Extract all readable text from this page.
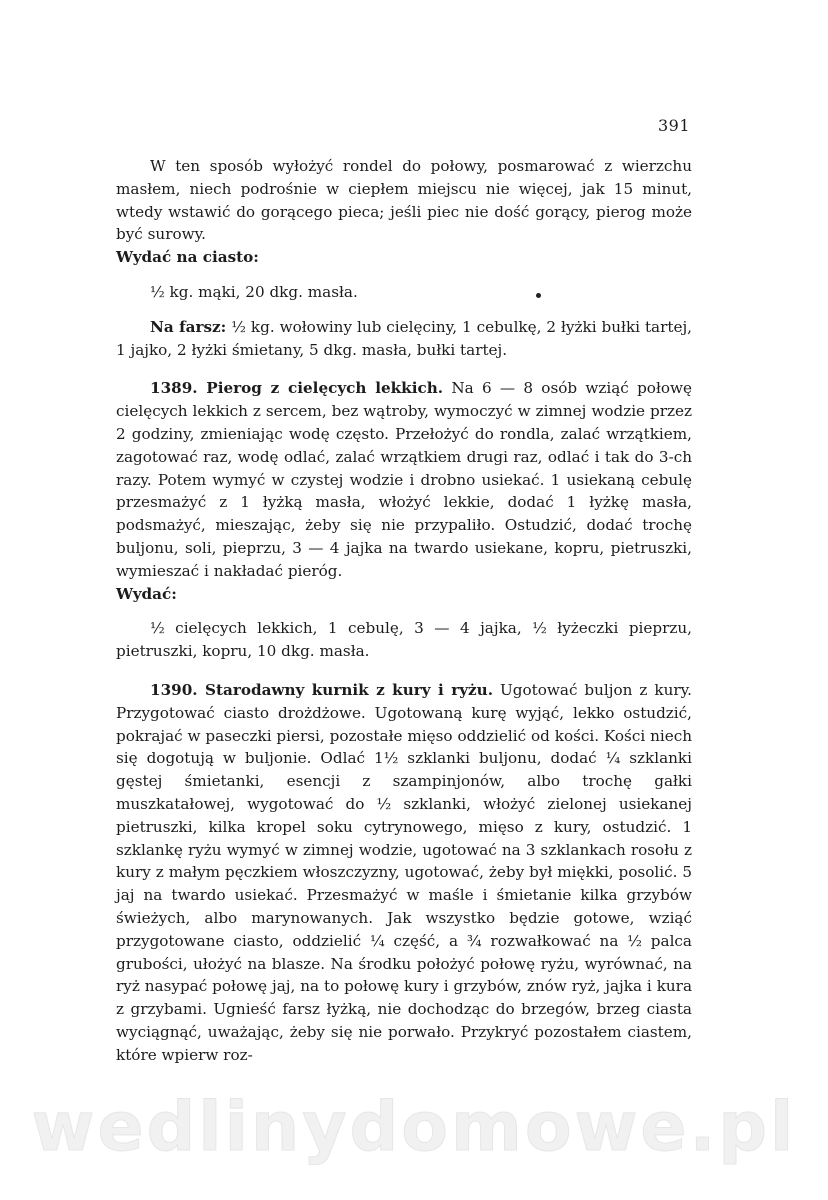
391

W ten sposób wyłożyć rondel do połowy, posmarować z wierzchu masłem, niech podrośnie w ciepłem miejscu nie więcej, jak 15 minut, wtedy wstawić do gorącego pieca; jeśli piec nie dość gorący, pierog może być surowy.

Wydać na ciasto:

½ kg. mąki, 20 dkg. masła.

Na farsz: ½ kg. wołowiny lub cielęciny, 1 cebulkę, 2 łyżki bułki tartej, 1 jajko, 2 łyżki śmietany, 5 dkg. masła, bułki tartej.

1389. Pierog z cielęcych lekkich. Na 6 — 8 osób wziąć połowę cielęcych lekkich z sercem, bez wątroby, wymoczyć w zimnej wodzie przez 2 godziny, zmieniając wodę często. Przełożyć do rondla, zalać wrzątkiem, zagotować raz, wodę odlać, zalać wrzątkiem drugi raz, odlać i tak do 3-ch razy. Potem wymyć w czystej wodzie i drobno usiekać. 1 usiekaną cebulę przesmażyć z 1 łyżką masła, włożyć lekkie, dodać 1 łyżkę masła, podsmażyć, mieszając, żeby się nie przypaliło. Ostudzić, dodać trochę buljonu, soli, pieprzu, 3 — 4 jajka na twardo usiekane, kopru, pietruszki, wymieszać i nakładać pieróg.

Wydać:

½ cielęcych lekkich, 1 cebulę, 3 — 4 jajka, ½ łyżeczki pieprzu, pietruszki, kopru, 10 dkg. masła.

1390. Starodawny kurnik z kury i ryżu. Ugotować buljon z kury. Przygotować ciasto drożdżowe. Ugotowaną kurę wyjąć, lekko ostudzić, pokrajać w paseczki piersi, pozostałe mięso oddzielić od kości. Kości niech się dogotują w buljonie. Odlać 1½ szklanki buljonu, dodać ¼ szklanki gęstej śmietanki, esencji z szampinjonów, albo trochę gałki muszkatałowej, wygotować do ½ szklanki, włożyć zielonej usiekanej pietruszki, kilka kropel soku cytrynowego, mięso z kury, ostudzić. 1 szklankę ryżu wymyć w zimnej wodzie, ugotować na 3 szklankach rosołu z kury z małym pęczkiem włoszczyzny, ugotować, żeby był miękki, posolić. 5 jaj na twardo usiekać. Przesmażyć w maśle i śmietanie kilka grzybów świeżych, albo marynowanych. Jak wszystko będzie gotowe, wziąć przygotowane ciasto, oddzielić ¼ część, a ¾ rozwałkować na ½ palca grubości, ułożyć na blasze. Na środku położyć połowę ryżu, wyrównać, na ryż nasypać połowę jaj, na to połowę kury i grzybów, znów ryż, jajka i kura z grzybami. Ugnieść farsz łyżką, nie dochodząc do brzegów, brzeg ciasta wyciągnąć, uważając, żeby się nie porwało. Przykryć pozostałem ciastem, które wpierw roz-

wedlinydomowe.pl
